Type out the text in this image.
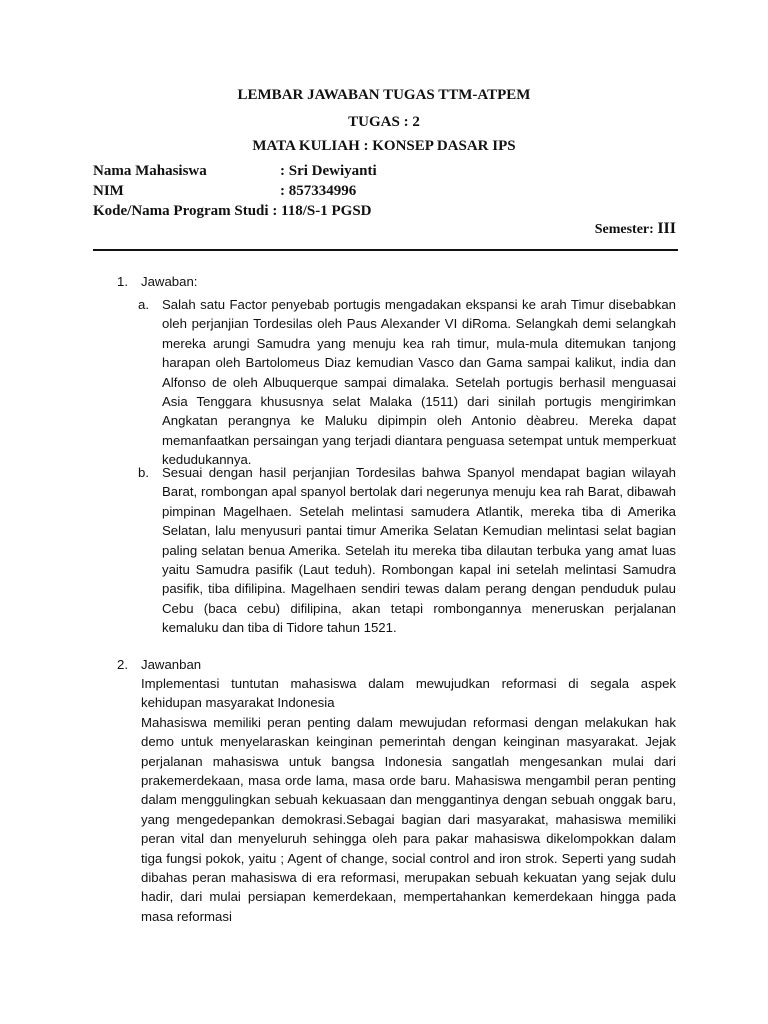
LEMBAR JAWABAN TUGAS TTM-ATPEM
TUGAS : 2
MATA KULIAH : KONSEP DASAR IPS
Nama Mahasiswa	: Sri Dewiyanti
NIM	: 857334996
Kode/Nama Program Studi : 118/S-1 PGSD
Semester: III
1. Jawaban:
a. Salah satu Factor penyebab portugis mengadakan ekspansi ke arah Timur disebabkan oleh perjanjian Tordesilas oleh Paus Alexander VI diRoma. Selangkah demi selangkah mereka arungi Samudra yang menuju kea rah timur, mula-mula ditemukan tanjong harapan oleh Bartolomeus Diaz kemudian Vasco dan Gama sampai kalikut, india dan Alfonso de oleh Albuquerque sampai dimalaka. Setelah portugis berhasil menguasai Asia Tenggara khususnya selat Malaka (1511) dari sinilah portugis mengirimkan Angkatan perangnya ke Maluku dipimpin oleh Antonio dèabreu. Mereka dapat memanfaatkan persaingan yang terjadi diantara penguasa setempat untuk memperkuat kedudukannya.

b. Sesuai dengan hasil perjanjian Tordesilas bahwa Spanyol mendapat bagian wilayah Barat, rombongan apal spanyol bertolak dari negerunya menuju kea rah Barat, dibawah pimpinan Magelhaen. Setelah melintasi samudera Atlantik, mereka tiba di Amerika Selatan, lalu menyusuri pantai timur Amerika Selatan Kemudian melintasi selat bagian paling selatan benua Amerika. Setelah itu mereka tiba dilautan terbuka yang amat luas yaitu Samudra pasifik (Laut teduh). Rombongan kapal ini setelah melintasi Samudra pasifik, tiba difilipina. Magelhaen sendiri tewas dalam perang dengan penduduk pulau Cebu (baca cebu) difilipina, akan tetapi rombongannya meneruskan perjalanan kemaluku dan tiba di Tidore tahun 1521.

2. Jawanban

Implementasi tuntutan mahasiswa dalam mewujudkan reformasi di segala aspek kehidupan masyarakat Indonesia

Mahasiswa memiliki peran penting dalam mewujudan reformasi dengan melakukan hak demo untuk menyelaraskan keinginan pemerintah dengan keinginan masyarakat. Jejak perjalanan mahasiswa untuk bangsa Indonesia sangatlah mengesankan mulai dari prakemerdekaan, masa orde lama, masa orde baru. Mahasiswa mengambil peran penting dalam menggulingkan sebuah kekuasaan dan menggantinya dengan sebuah onggak baru, yang mengedepankan demokrasi.Sebagai bagian dari masyarakat, mahasiswa memiliki peran vital dan menyeluruh sehingga oleh para pakar mahasiswa dikelompokkan dalam tiga fungsi pokok, yaitu ; Agent of change, social control and iron strok. Seperti yang sudah dibahas peran mahasiswa di era reformasi, merupakan sebuah kekuatan yang sejak dulu hadir, dari mulai persiapan kemerdekaan, mempertahankan kemerdekaan hingga pada masa reformasi
